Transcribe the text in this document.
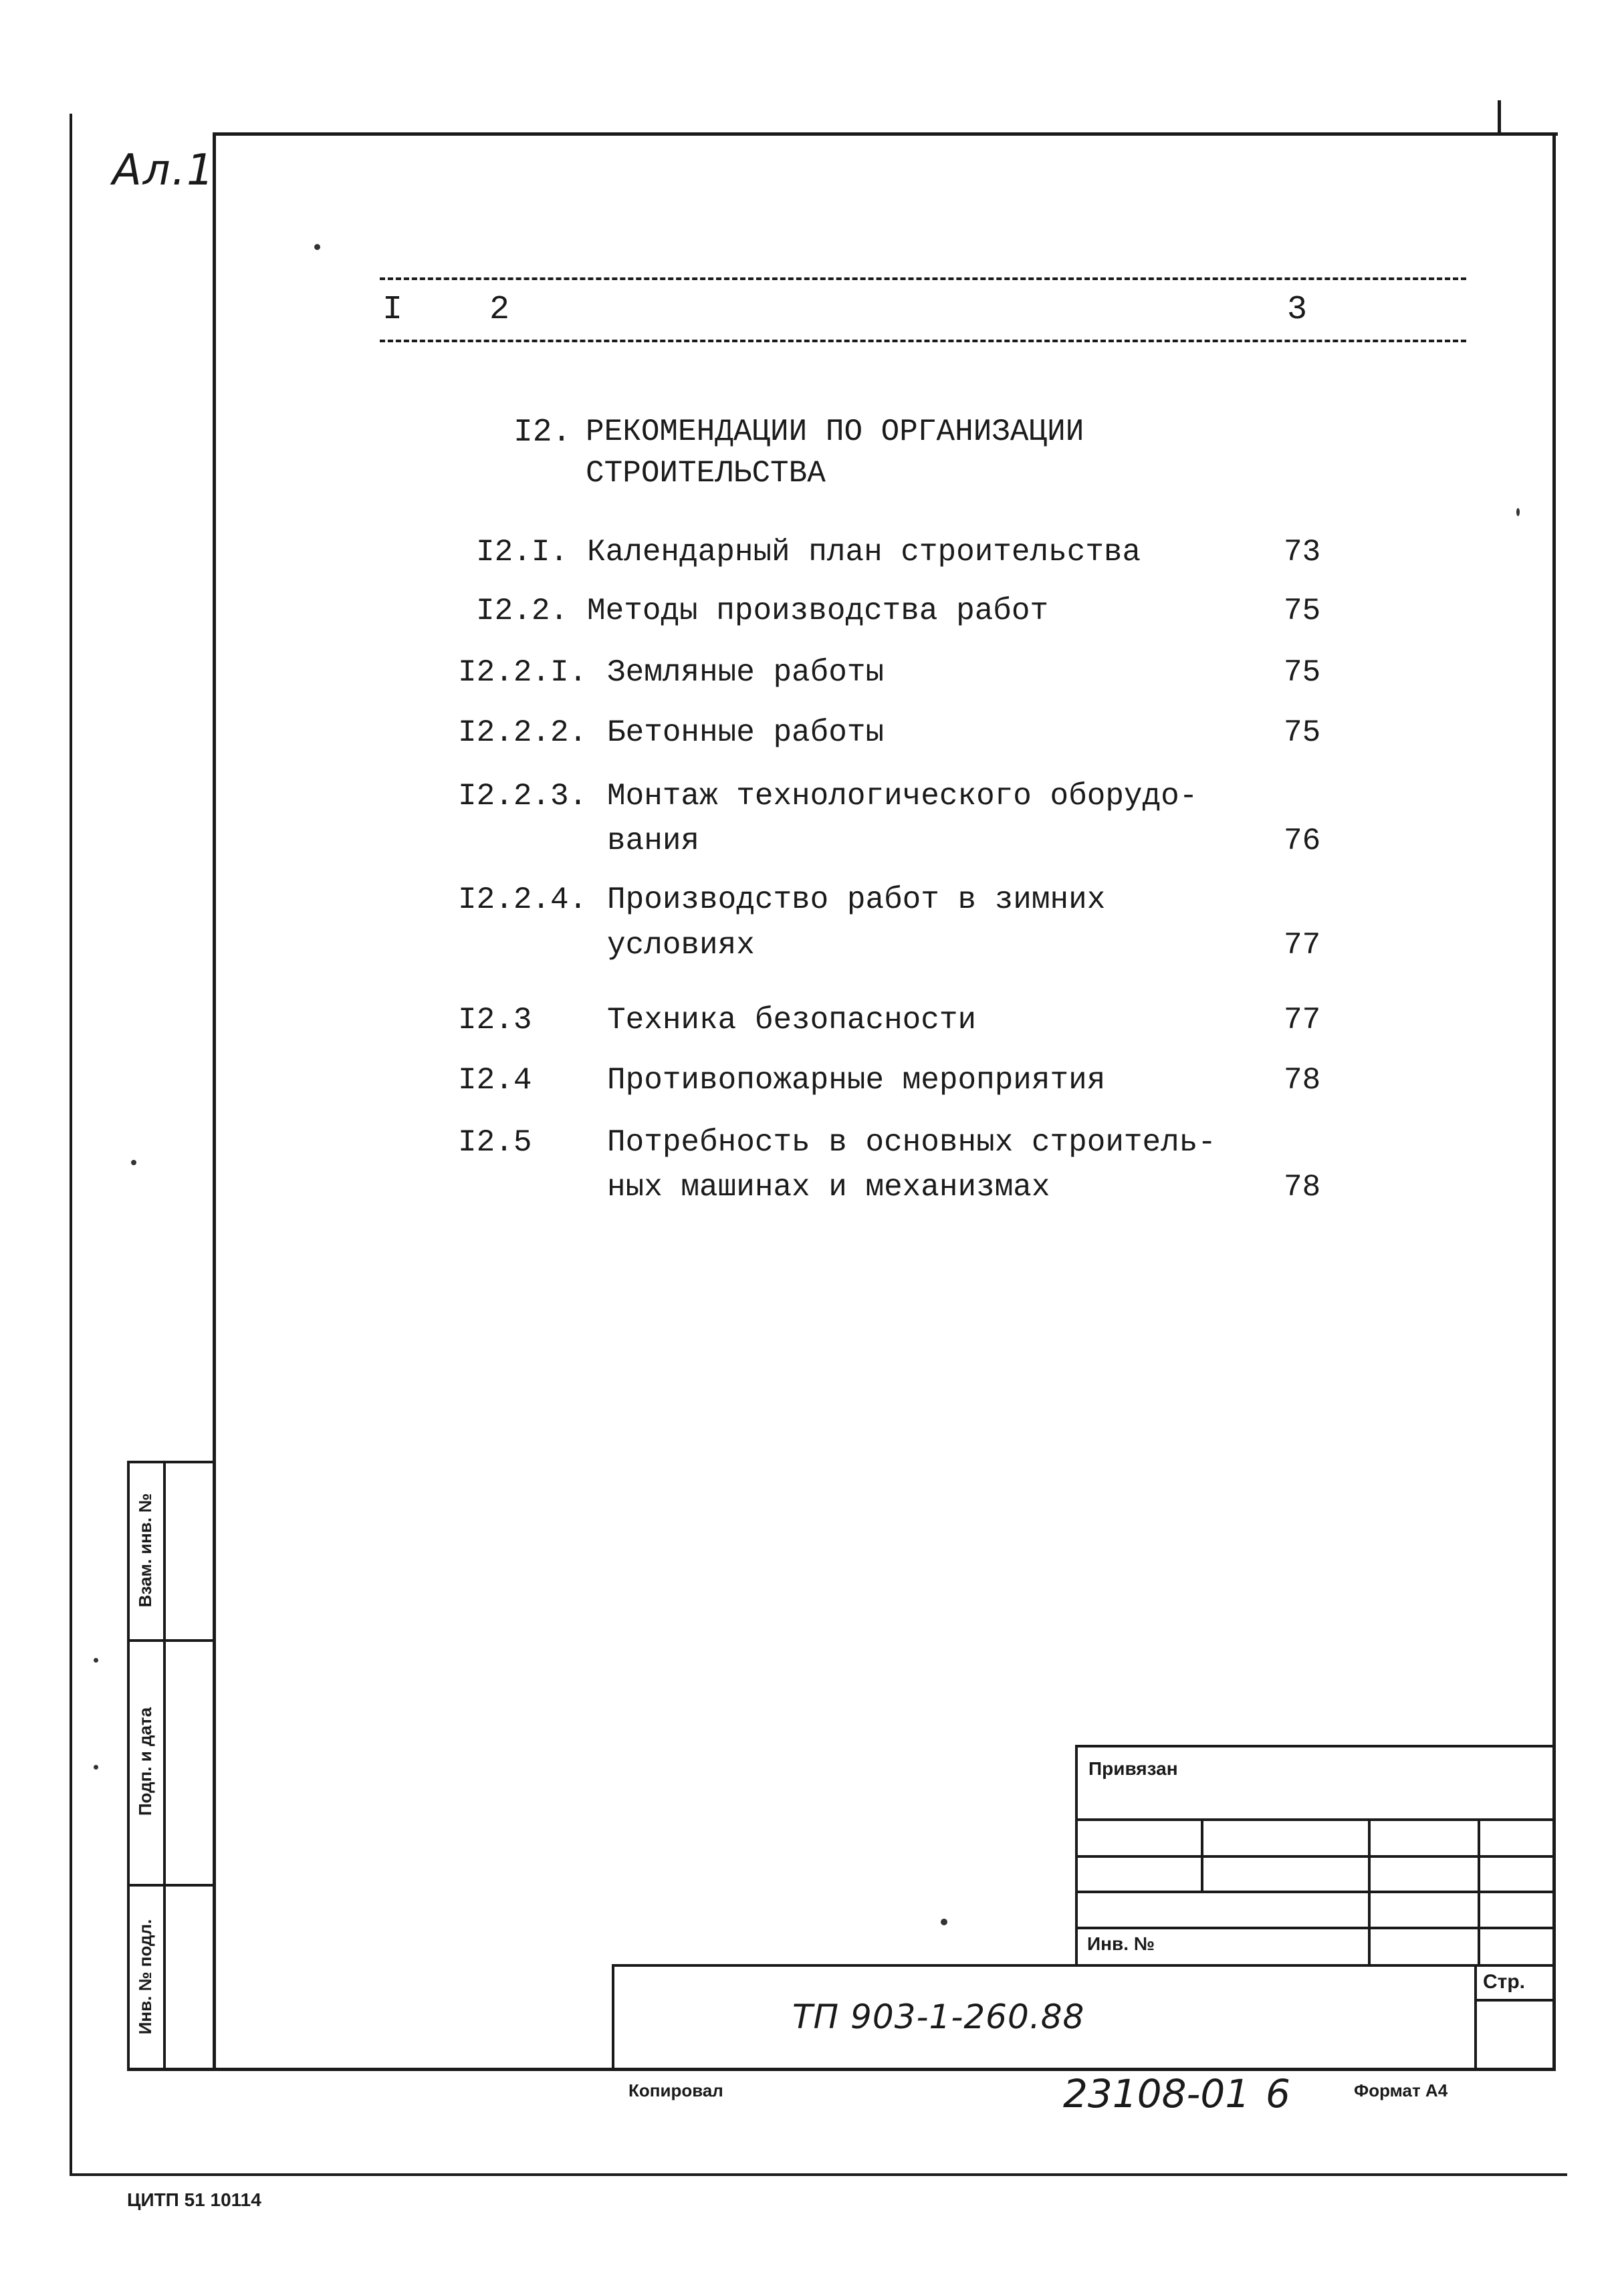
Ал.1
I	2	3
I2. РЕКОМЕНДАЦИИ ПО ОРГАНИЗАЦИИ
СТРОИТЕЛЬСТВА
I2.I. Календарный план строительства	73
I2.2. Методы производства работ	75
I2.2.I. Земляные работы	75
I2.2.2. Бетонные работы	75
I2.2.3. Монтаж технологического оборудо-
вания	76
I2.2.4. Производство работ в зимних
условиях	77
I2.3 Техника безопасности	77
I2.4 Противопожарные мероприятия	78
I2.5 Потребность в основных строитель-
ных машинах и механизмах	78
Взам. инв. №
Подп. и дата
Инв. № подл.
Привязан
Инв. №
Стр.
ТП 903-1-260.88
Копировал	23108-01 6	Формат А4
ЦИТП 51 10114
